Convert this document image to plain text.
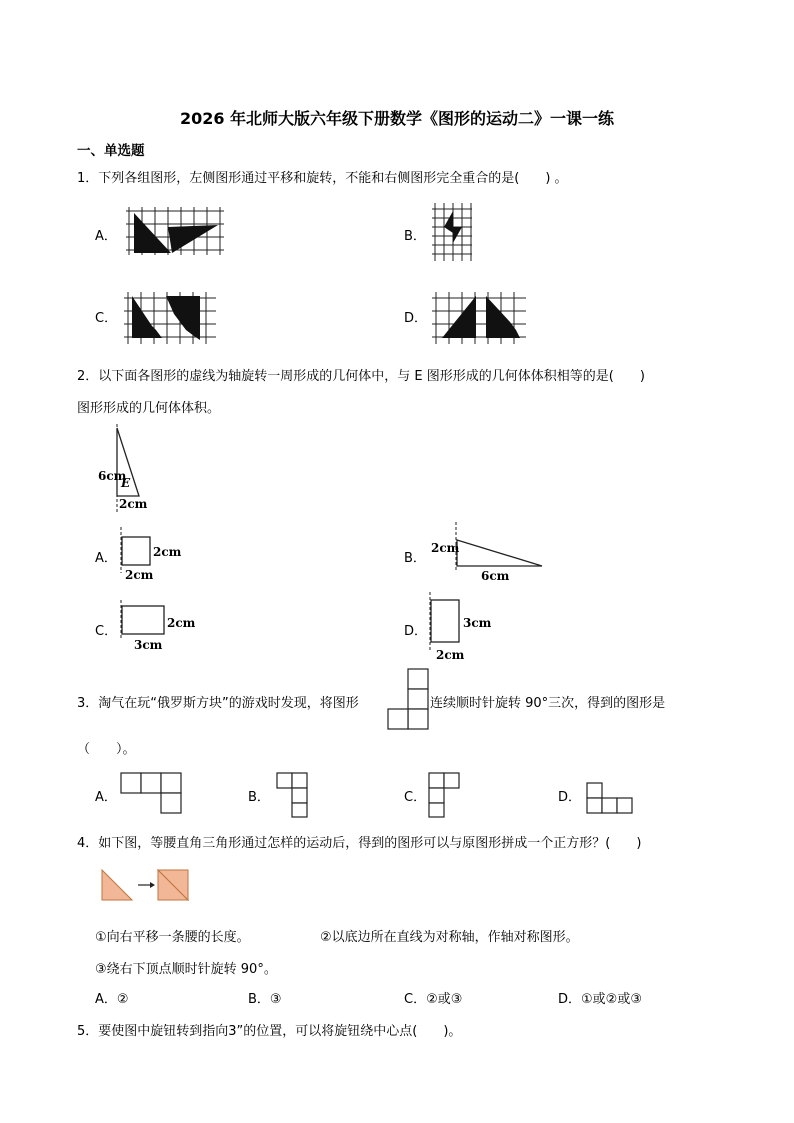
2026 年北师大版六年级下册数学《图形的运动二》一课一练
一、单选题
1．下列各组图形，左侧图形通过平移和旋转，不能和右侧图形完全重合的是(　　) 。
A．	B．
C．	D．
2．以下面各图形的虚线为轴旋转一周形成的几何体中，与 E 图形形成的几何体体积相等的是(　　)
图形形成的几何体体积。
6cm
E
2cm
A．	2cm
2cm
B．
2cm
6cm
C．
2cm
3cm
D．
3cm
2cm
3．淘气在玩“俄罗斯方块”的游戏时发现，将图形	连续顺时针旋转 90°三次，得到的图形是
（　　）。
A．	B．	C．	D．
4．如下图，等腰直角三角形通过怎样的运动后，得到的图形可以与原图形拼成一个正方形？(　　)
①向右平移一条腰的长度。	②以底边所在直线为对称轴，作轴对称图形。
③绕右下顶点顺时针旋转 90°。
A．②	B．③	C．②或③	D．①或②或③
5．要使图中旋钮转到指向3”的位置，可以将旋钮绕中心点(　　)。
